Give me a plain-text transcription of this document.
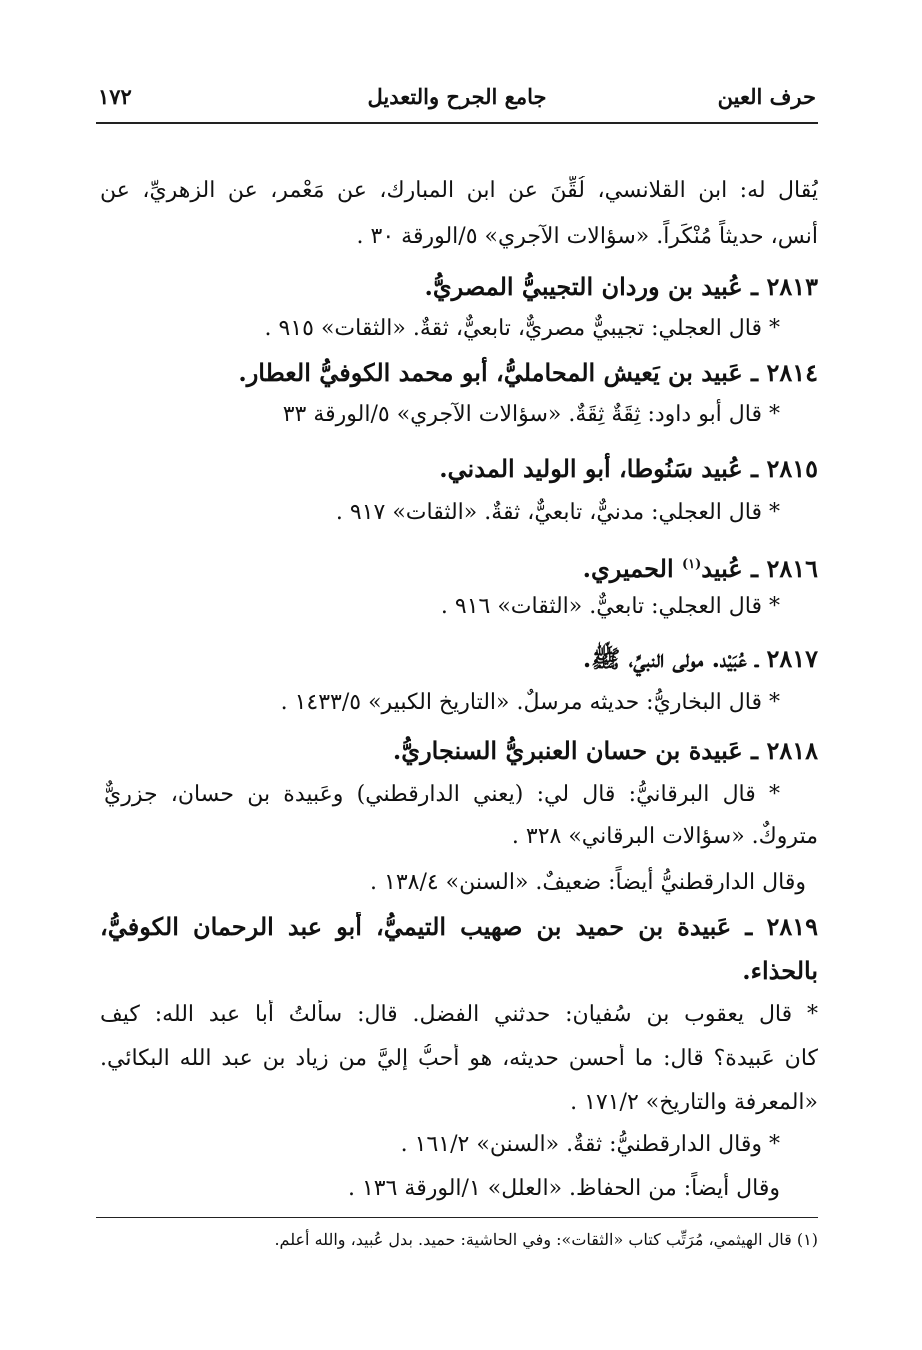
١٧٢	جامع الجرح والتعديل	حرف العين
يُقال له: ابن القلانسي، لُقِّنَ عن ابن المبارك، عن مَعْمر، عن الزهريِّ، عن
أنس، حديثاً مُنْكَراً. «سؤالات الآجري» ٥/الورقة ٣٠ .
٢٨١٣ ـ عُبيد بن وردان التجيبيُّ المصريُّ.
* قال العجلي: تجيبيٌّ مصريٌّ، تابعيٌّ، ثقةٌ. «الثقات» ٩١٥ .
٢٨١٤ ـ عَبيد بن يَعيش المحامليُّ، أبو محمد الكوفيُّ العطار.
* قال أبو داود: ثِقَةٌ ثِقَةٌ. «سؤالات الآجري» ٥/الورقة ٣٣
٢٨١٥ ـ عُبيد سَنُوطا، أبو الوليد المدني.
* قال العجلي: مدنيٌّ، تابعيٌّ، ثقةٌ. «الثقات» ٩١٧ .
٢٨١٦ ـ عُبيد$^{(١)}$ الحميري.
* قال العجلي: تابعيٌّ. «الثقات» ٩١٦ .
٢٨١٧ ـ عُبَيْد. مولى النبيِّ، ﷺ.
* قال البخاريُّ: حديثه مرسلٌ. «التاريخ الكبير» ١٤٣٣/٥ .
٢٨١٨ ـ عَبيدة بن حسان العنبريُّ السنجاريُّ.
* قال البرقانيُّ: قال لي: (يعني الدارقطني) وعَبيدة بن حسان، جزريٌّ
متروكٌ. «سؤالات البرقاني» ٣٢٨ .
وقال الدارقطنيُّ أيضاً: ضعيفٌ. «السنن» ١٣٨/٤ .
٢٨١٩ ـ عَبيدة بن حميد بن صهيب التيميُّ، أبو عبد الرحمان الكوفيُّ،
بالحذاء.
* قال يعقوب بن سُفيان: حدثني الفضل. قال: سألتُ أبا عبد الله: كيف
كان عَبيدة؟ قال: ما أحسن حديثه، هو أحبُّ إليَّ من زياد بن عبد الله البكائي.
«المعرفة والتاريخ» ١٧١/٢ .
* وقال الدارقطنيُّ: ثقةٌ. «السنن» ١٦١/٢ .
وقال أيضاً: من الحفاظ. «العلل» ١/الورقة ١٣٦ .
(١) قال الهيثمي، مُرَتِّب كتاب «الثقات»: وفي الحاشية: حميد. بدل عُبيد، والله أعلم.
